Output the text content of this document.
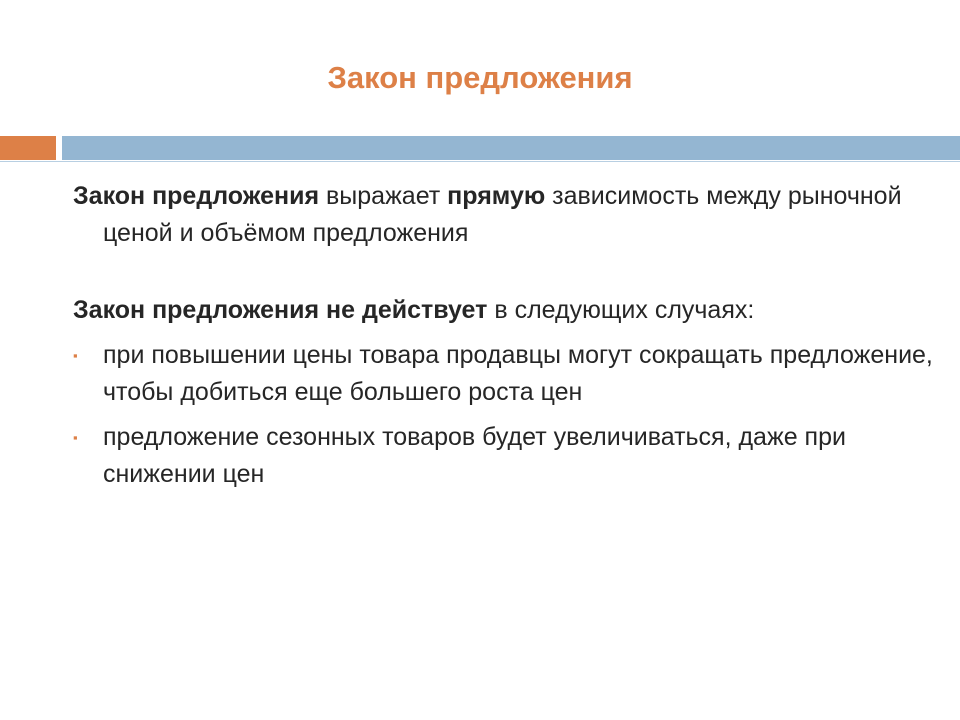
Закон предложения

Закон предложения выражает прямую зависимость между рыночной ценой и объёмом предложения

Закон предложения не действует в следующих случаях:

▪	при повышении цены товара продавцы могут сокращать предложение, чтобы добиться еще большего роста цен
▪	предложение сезонных товаров будет увеличиваться, даже при снижении цен
